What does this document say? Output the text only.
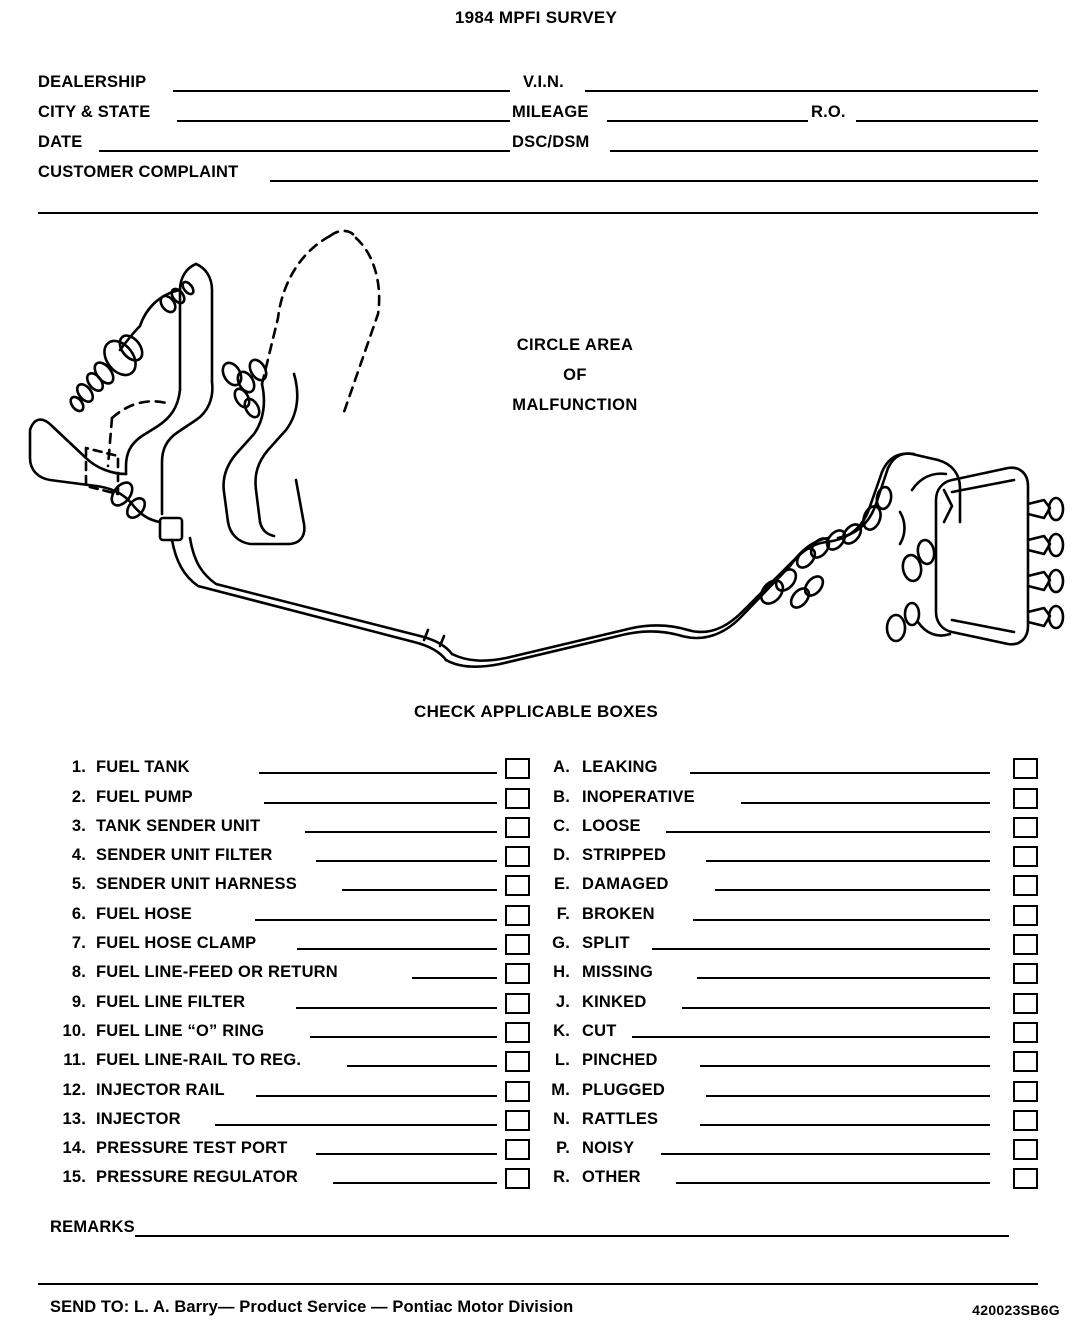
1984 MPFI SURVEY
DEALERSHIP	V.I.N.
CITY & STATE	MILEAGE	R.O.
DATE	DSC/DSM
CUSTOMER COMPLAINT
CIRCLE AREA
OF
MALFUNCTION
CHECK APPLICABLE BOXES
1. FUEL TANK
2. FUEL PUMP
3. TANK SENDER UNIT
4. SENDER UNIT FILTER
5. SENDER UNIT HARNESS
6. FUEL HOSE
7. FUEL HOSE CLAMP
8. FUEL LINE-FEED OR RETURN
9. FUEL LINE FILTER
10. FUEL LINE “O” RING
11. FUEL LINE-RAIL TO REG.
12. INJECTOR RAIL
13. INJECTOR
14. PRESSURE TEST PORT
15. PRESSURE REGULATOR
A. LEAKING
B. INOPERATIVE
C. LOOSE
D. STRIPPED
E. DAMAGED
F. BROKEN
G. SPLIT
H. MISSING
J. KINKED
K. CUT
L. PINCHED
M. PLUGGED
N. RATTLES
P. NOISY
R. OTHER
REMARKS
SEND TO: L. A. Barry— Product Service — Pontiac Motor Division	420023SB6G
